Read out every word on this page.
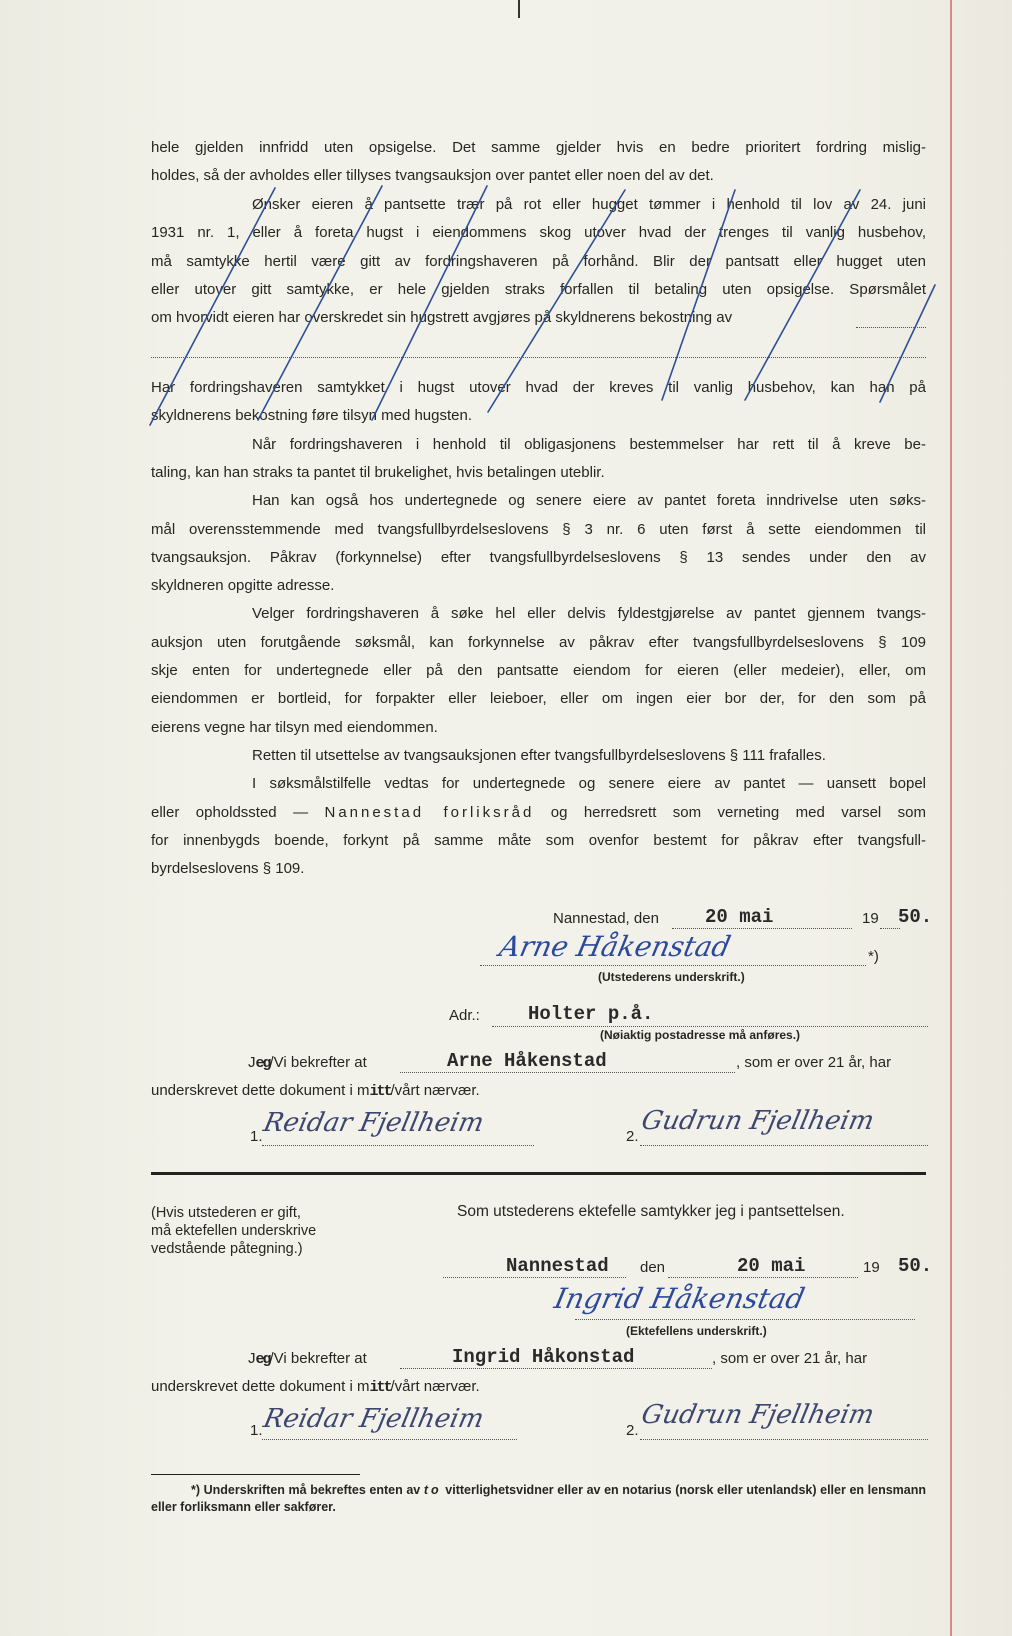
hele gjelden innfridd uten opsigelse. Det samme gjelder hvis en bedre prioritert fordring mislig-
holdes, så der avholdes eller tillyses tvangsauksjon over pantet eller noen del av det.
Ønsker eieren å pantsette trær på rot eller hugget tømmer i henhold til lov av 24. juni
1931 nr. 1, eller å foreta hugst i eiendommens skog utover hvad der trenges til vanlig husbehov,
må samtykke hertil være gitt av fordringshaveren på forhånd. Blir der pantsatt eller hugget uten
eller utover gitt samtykke, er hele gjelden straks forfallen til betaling uten opsigelse. Spørsmålet
om hvorvidt eieren har overskredet sin hugstrett avgjøres på skyldnerens bekostning av
Har fordringshaveren samtykket i hugst utover hvad der kreves til vanlig husbehov, kan han på
skyldnerens bekostning føre tilsyn med hugsten.
Når fordringshaveren i henhold til obligasjonens bestemmelser har rett til å kreve be-
taling, kan han straks ta pantet til brukelighet, hvis betalingen uteblir.
Han kan også hos undertegnede og senere eiere av pantet foreta inndrivelse uten søks-
mål overensstemmende med tvangsfullbyrdelseslovens § 3 nr. 6 uten først å sette eiendommen til
tvangsauksjon. Påkrav (forkynnelse) efter tvangsfullbyrdelseslovens § 13 sendes under den av
skyldneren opgitte adresse.
Velger fordringshaveren å søke hel eller delvis fyldestgjørelse av pantet gjennem tvangs-
auksjon uten forutgående søksmål, kan forkynnelse av påkrav efter tvangsfullbyrdelseslovens § 109
skje enten for undertegnede eller på den pantsatte eiendom for eieren (eller medeier), eller, om
eiendommen er bortleid, for forpakter eller leieboer, eller om ingen eier bor der, for den som på
eierens vegne har tilsyn med eiendommen.
Retten til utsettelse av tvangsauksjonen efter tvangsfullbyrdelseslovens § 111 frafalles.
I søksmålstilfelle vedtas for undertegnede og senere eiere av pantet — uansett bopel
eller opholdssted — Nannestad forliksråd og herredsrett som verneting med varsel som
for innenbygds boende, forkynt på samme måte som ovenfor bestemt for påkrav efter tvangsfull-
byrdelseslovens § 109.
Nannestad, den 20 mai	19 50.
Arne Håkenstad	*)
(Utstederens underskrift.)
Adr.:	Holter p.å.
(Nøiaktig postadresse må anføres.)
Jeg/Vi bekrefter at	Arne Håkenstad	, som er over 21 år, har
underskrevet dette dokument i mitt/vårt nærvær.
1.
Reidar Fjellheim	2.
Gudrun Fjellheim
(Hvis utstederen er gift,
må ektefellen underskrive
vedstående påtegning.)
Som utstederens ektefelle samtykker jeg i pantsettelsen.
Nannestad den	20 mai	19 50.
Ingrid Håkenstad
(Ektefellens underskrift.)
Jeg/Vi bekrefter at	Ingrid Håkonstad	, som er over 21 år, har
underskrevet dette dokument i mitt/vårt nærvær.
1.
Reidar Fjellheim	2.
Gudrun Fjellheim
*) Underskriften må bekreftes enten av to vitterlighetsvidner eller av en notarius (norsk eller utenlandsk) eller en lensmann eller forliksmann eller sakfører.
